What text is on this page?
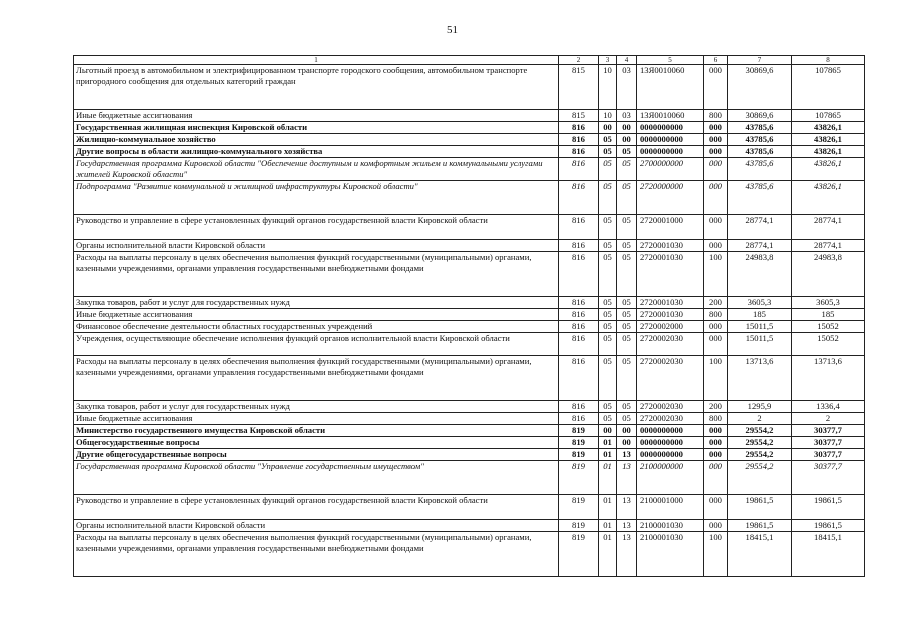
51
1	2	3	4	5	6	7	8
Льготный проезд в автомобильном и электрифицированном транспорте городского сообщения, автомобильном транспорте пригородного сообщения для отдельных категорий граждан	815	10	03	13Я0010060	000	30869,6	107865
Иные бюджетные ассигнования	815	10	03	13Я0010060	800	30869,6	107865
Государственная жилищная инспекция Кировской области	816	00	00	0000000000	000	43785,6	43826,1
Жилищно-коммунальное хозяйство	816	05	00	0000000000	000	43785,6	43826,1
Другие вопросы в области жилищно-коммунального хозяйства	816	05	05	0000000000	000	43785,6	43826,1
Государственная программа Кировской области "Обеспечение доступным и комфортным жильем и коммунальными услугами жителей Кировской области"	816	05	05	2700000000	000	43785,6	43826,1
Подпрограмма "Развитие коммунальной и жилищной инфраструктуры Кировской области"	816	05	05	2720000000	000	43785,6	43826,1
Руководство и управление в сфере установленных функций органов государственной власти Кировской области	816	05	05	2720001000	000	28774,1	28774,1
Органы исполнительной власти Кировской области	816	05	05	2720001030	000	28774,1	28774,1
Расходы на выплаты персоналу в целях обеспечения выполнения функций государственными (муниципальными) органами, казенными учреждениями, органами управления государственными внебюджетными фондами	816	05	05	2720001030	100	24983,8	24983,8
Закупка товаров, работ и услуг для государственных нужд	816	05	05	2720001030	200	3605,3	3605,3
Иные бюджетные ассигнования	816	05	05	2720001030	800	185	185
Финансовое обеспечение деятельности областных государственных учреждений	816	05	05	2720002000	000	15011,5	15052
Учреждения, осуществляющие обеспечение исполнения функций органов исполнительной власти Кировской области	816	05	05	2720002030	000	15011,5	15052
Расходы на выплаты персоналу в целях обеспечения выполнения функций государственными (муниципальными) органами, казенными учреждениями, органами управления государственными внебюджетными фондами	816	05	05	2720002030	100	13713,6	13713,6
Закупка товаров, работ и услуг для государственных нужд	816	05	05	2720002030	200	1295,9	1336,4
Иные бюджетные ассигнования	816	05	05	2720002030	800	2	2
Министерство государственного имущества Кировской области	819	00	00	0000000000	000	29554,2	30377,7
Общегосударственные вопросы	819	01	00	0000000000	000	29554,2	30377,7
Другие общегосударственные вопросы	819	01	13	0000000000	000	29554,2	30377,7
Государственная программа Кировской области "Управление государственным имуществом"	819	01	13	2100000000	000	29554,2	30377,7
Руководство и управление в сфере установленных функций органов государственной власти Кировской области	819	01	13	2100001000	000	19861,5	19861,5
Органы исполнительной власти Кировской области	819	01	13	2100001030	000	19861,5	19861,5
Расходы на выплаты персоналу в целях обеспечения выполнения функций государственными (муниципальными) органами, казенными учреждениями, органами управления государственными внебюджетными фондами	819	01	13	2100001030	100	18415,1	18415,1
